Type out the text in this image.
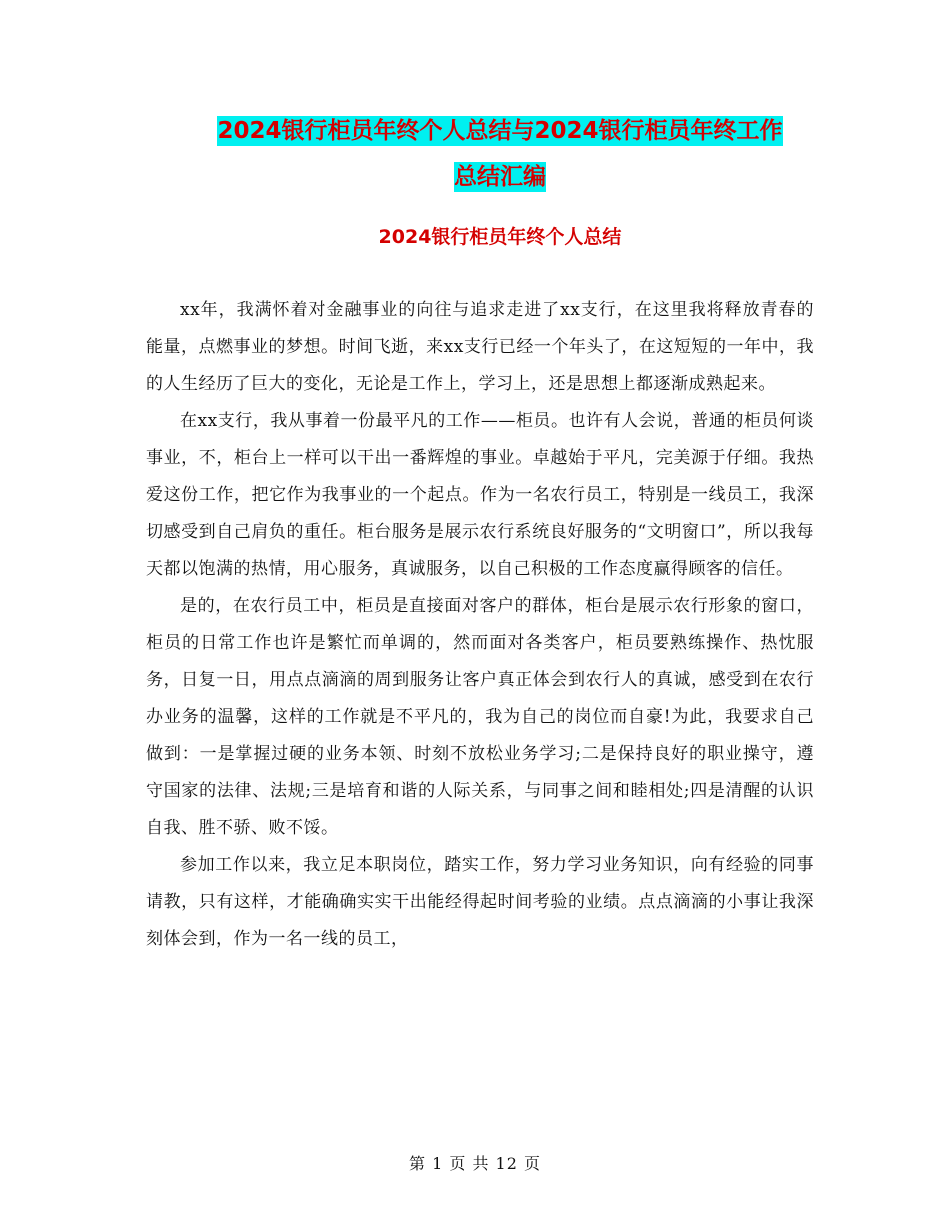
2024银行柜员年终个人总结与2024银行柜员年终工作
总结汇编
2024银行柜员年终个人总结

xx年，我满怀着对金融事业的向往与追求走进了xx支行，在这里我将释放青春的能量，点燃事业的梦想。时间飞逝，来xx支行已经一个年头了，在这短短的一年中，我的人生经历了巨大的变化，无论是工作上，学习上，还是思想上都逐渐成熟起来。

在xx支行，我从事着一份最平凡的工作——柜员。也许有人会说，普通的柜员何谈事业，不，柜台上一样可以干出一番辉煌的事业。卓越始于平凡，完美源于仔细。我热爱这份工作，把它作为我事业的一个起点。作为一名农行员工，特别是一线员工，我深切感受到自己肩负的重任。柜台服务是展示农行系统良好服务的“文明窗口”，所以我每天都以饱满的热情，用心服务，真诚服务，以自己积极的工作态度赢得顾客的信任。

是的，在农行员工中，柜员是直接面对客户的群体，柜台是展示农行形象的窗口，柜员的日常工作也许是繁忙而单调的，然而面对各类客户，柜员要熟练操作、热忱服务，日复一日，用点点滴滴的周到服务让客户真正体会到农行人的真诚，感受到在农行办业务的温馨，这样的工作就是不平凡的，我为自己的岗位而自豪!为此，我要求自己做到：一是掌握过硬的业务本领、时刻不放松业务学习;二是保持良好的职业操守，遵守国家的法律、法规;三是培育和谐的人际关系，与同事之间和睦相处;四是清醒的认识自我、胜不骄、败不馁。

参加工作以来，我立足本职岗位，踏实工作，努力学习业务知识，向有经验的同事请教，只有这样，才能确确实实干出能经得起时间考验的业绩。点点滴滴的小事让我深刻体会到，作为一名一线的员工，

第 1 页 共 12 页
